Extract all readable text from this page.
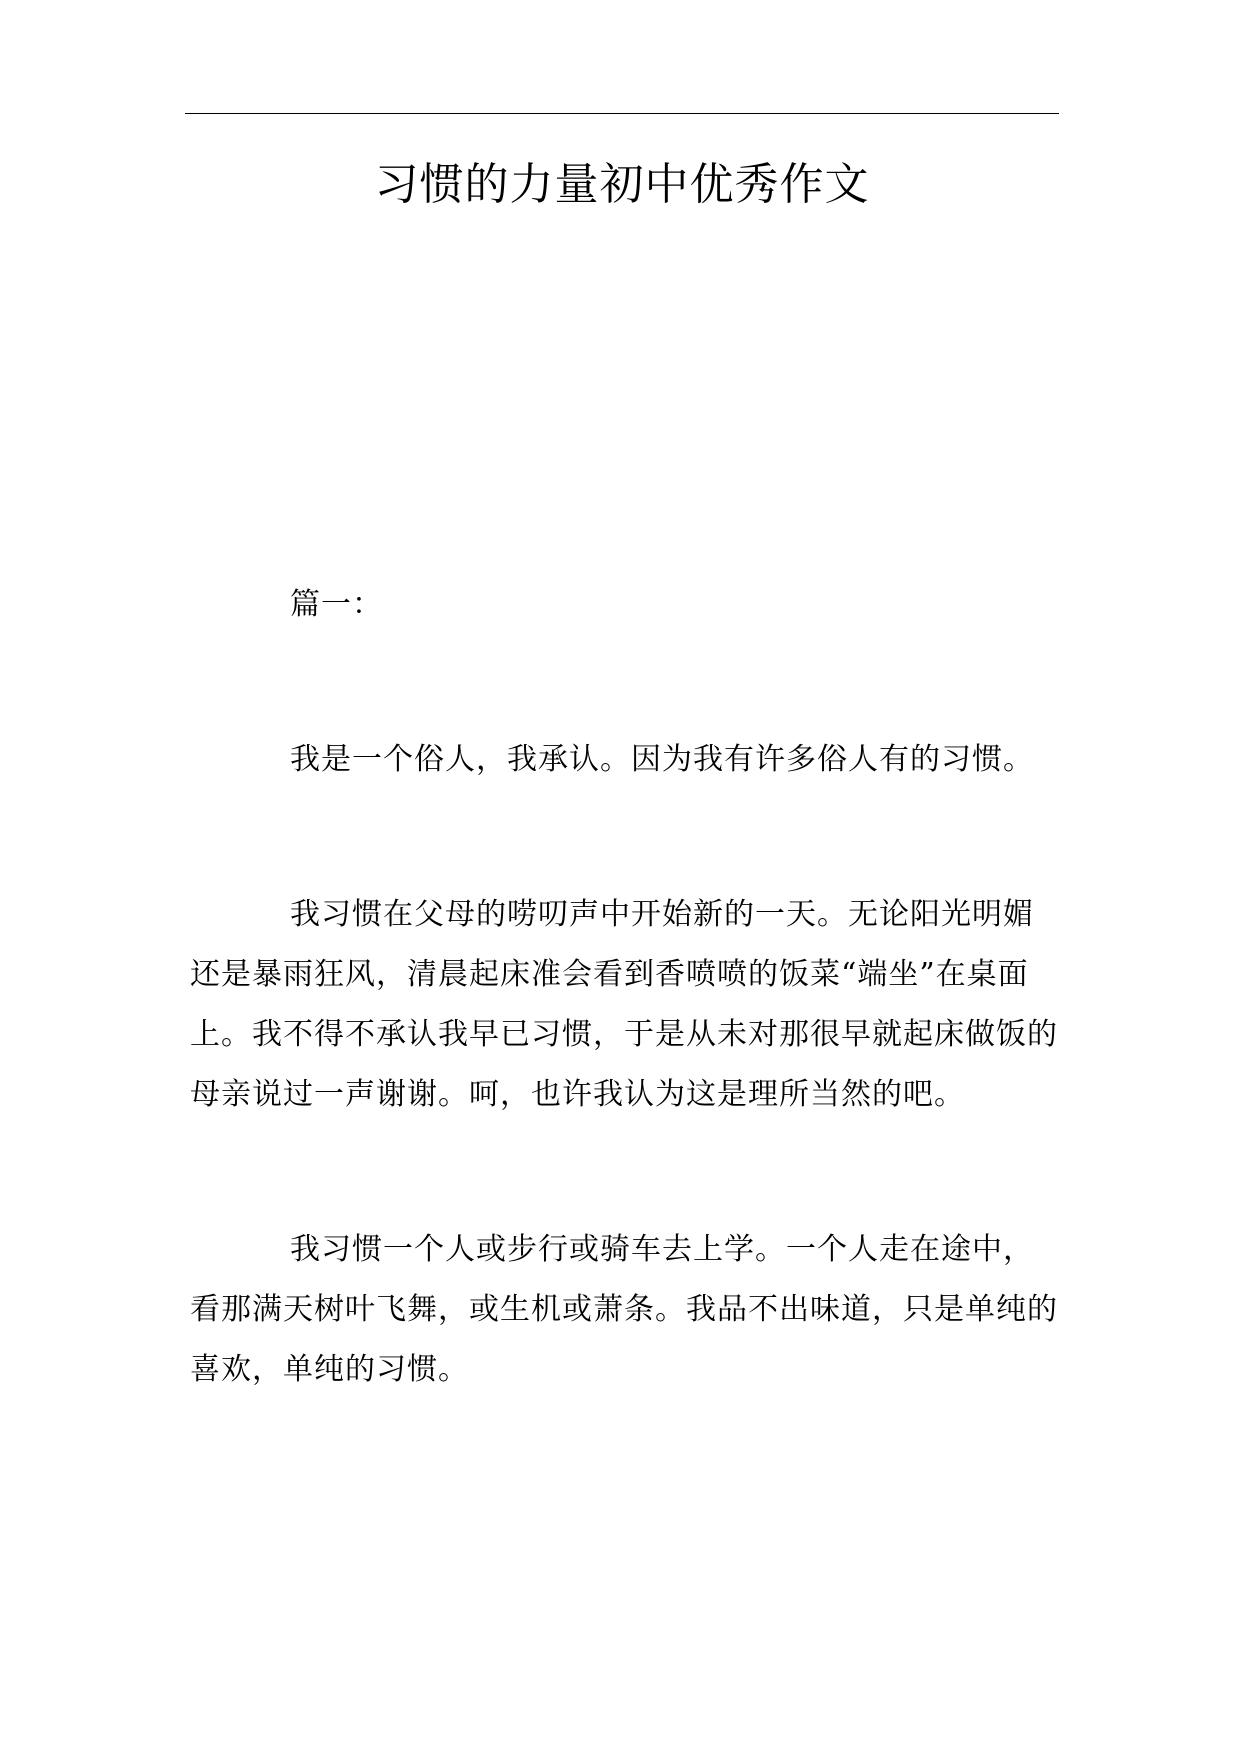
习惯的力量初中优秀作文

篇一：

我是一个俗人，我承认。因为我有许多俗人有的习惯。

我习惯在父母的唠叨声中开始新的一天。无论阳光明媚还是暴雨狂风，清晨起床准会看到香喷喷的饭菜“端坐”在桌面上。我不得不承认我早已习惯，于是从未对那很早就起床做饭的母亲说过一声谢谢。呵，也许我认为这是理所当然的吧。

我习惯一个人或步行或骑车去上学。一个人走在途中，看那满天树叶飞舞，或生机或萧条。我品不出味道，只是单纯的喜欢，单纯的习惯。
